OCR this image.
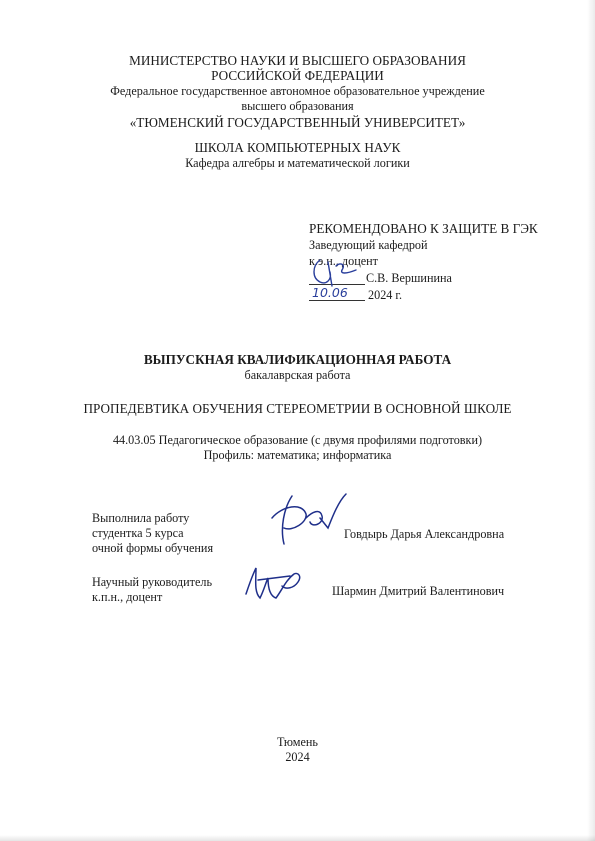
МИНИСТЕРСТВО НАУКИ И ВЫСШЕГО ОБРАЗОВАНИЯ
РОССИЙСКОЙ ФЕДЕРАЦИИ
Федеральное государственное автономное образовательное учреждение
высшего образования
«ТЮМЕНСКИЙ ГОСУДАРСТВЕННЫЙ УНИВЕРСИТЕТ»
ШКОЛА КОМПЬЮТЕРНЫХ НАУК
Кафедра алгебры и математической логики
РЕКОМЕНДОВАНО К ЗАЩИТЕ В ГЭК
Заведующий кафедрой
к.э.н., доцент
С.В. Вершинина
10.06 2024 г.
ВЫПУСКНАЯ КВАЛИФИКАЦИОННАЯ РАБОТА
бакалаврская работа
ПРОПЕДЕВТИКА ОБУЧЕНИЯ СТЕРЕОМЕТРИИ В ОСНОВНОЙ ШКОЛЕ
44.03.05 Педагогическое образование (с двумя профилями подготовки)
Профиль: математика; информатика
Выполнила работу
студентка 5 курса
очной формы обучения
Говдырь Дарья Александровна
Научный руководитель
к.п.н., доцент	Шармин Дмитрий Валентинович
Тюмень
2024
